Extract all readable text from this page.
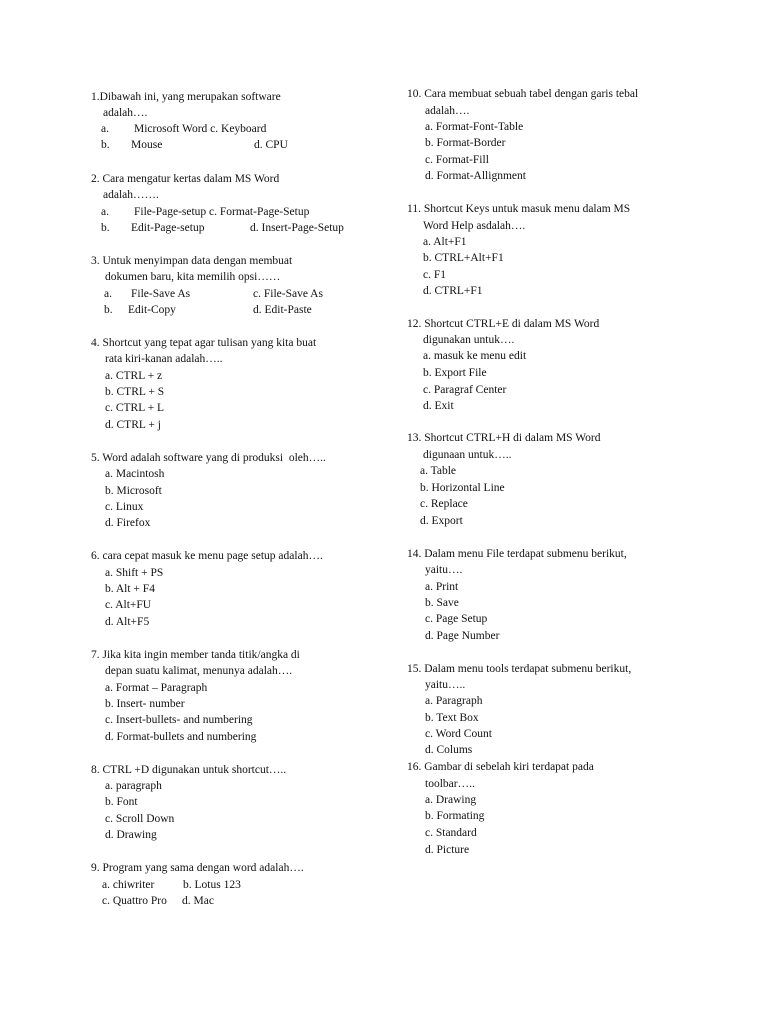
1.Dibawah ini, yang merupakan software
adalah….
a. Microsoft Word c. Keyboard
b. Mouse	d. CPU
2. Cara mengatur kertas dalam MS Word
adalah…….
a. File-Page-setup c. Format-Page-Setup
b. Edit-Page-setup	d. Insert-Page-Setup
3. Untuk menyimpan data dengan membuat
dokumen baru, kita memilih opsi……
a. File-Save As	c. File-Save As
b. Edit-Copy	d. Edit-Paste
4. Shortcut yang tepat agar tulisan yang kita buat
rata kiri-kanan adalah…..
a. CTRL + z
b. CTRL + S
c. CTRL + L
d. CTRL + j
5. Word adalah software yang di produksi  oleh…..
a. Macintosh
b. Microsoft
c. Linux
d. Firefox
6. cara cepat masuk ke menu page setup adalah….
a. Shift + PS
b. Alt + F4
c. Alt+FU
d. Alt+F5
7. Jika kita ingin member tanda titik/angka di
depan suatu kalimat, menunya adalah….
a. Format – Paragraph
b. Insert- number
c. Insert-bullets- and numbering
d. Format-bullets and numbering
8. CTRL +D digunakan untuk shortcut…..
a. paragraph
b. Font
c. Scroll Down
d. Drawing
9. Program yang sama dengan word adalah….
a. chiwriter b. Lotus 123
c. Quattro Pro d. Mac
10. Cara membuat sebuah tabel dengan garis tebal
adalah….
a. Format-Font-Table
b. Format-Border
c. Format-Fill
d. Format-Allignment
11. Shortcut Keys untuk masuk menu dalam MS
Word Help asdalah….
a. Alt+F1
b. CTRL+Alt+F1
c. F1
d. CTRL+F1
12. Shortcut CTRL+E di dalam MS Word
digunakan untuk….
a. masuk ke menu edit
b. Export File
c. Paragraf Center
d. Exit
13. Shortcut CTRL+H di dalam MS Word
digunaan untuk…..
a. Table
b. Horizontal Line
c. Replace
d. Export
14. Dalam menu File terdapat submenu berikut,
yaitu….
a. Print
b. Save
c. Page Setup
d. Page Number
15. Dalam menu tools terdapat submenu berikut,
yaitu…..
a. Paragraph
b. Text Box
c. Word Count
d. Colums
16. Gambar di sebelah kiri terdapat pada
toolbar…..
a. Drawing
b. Formating
c. Standard
d. Picture
